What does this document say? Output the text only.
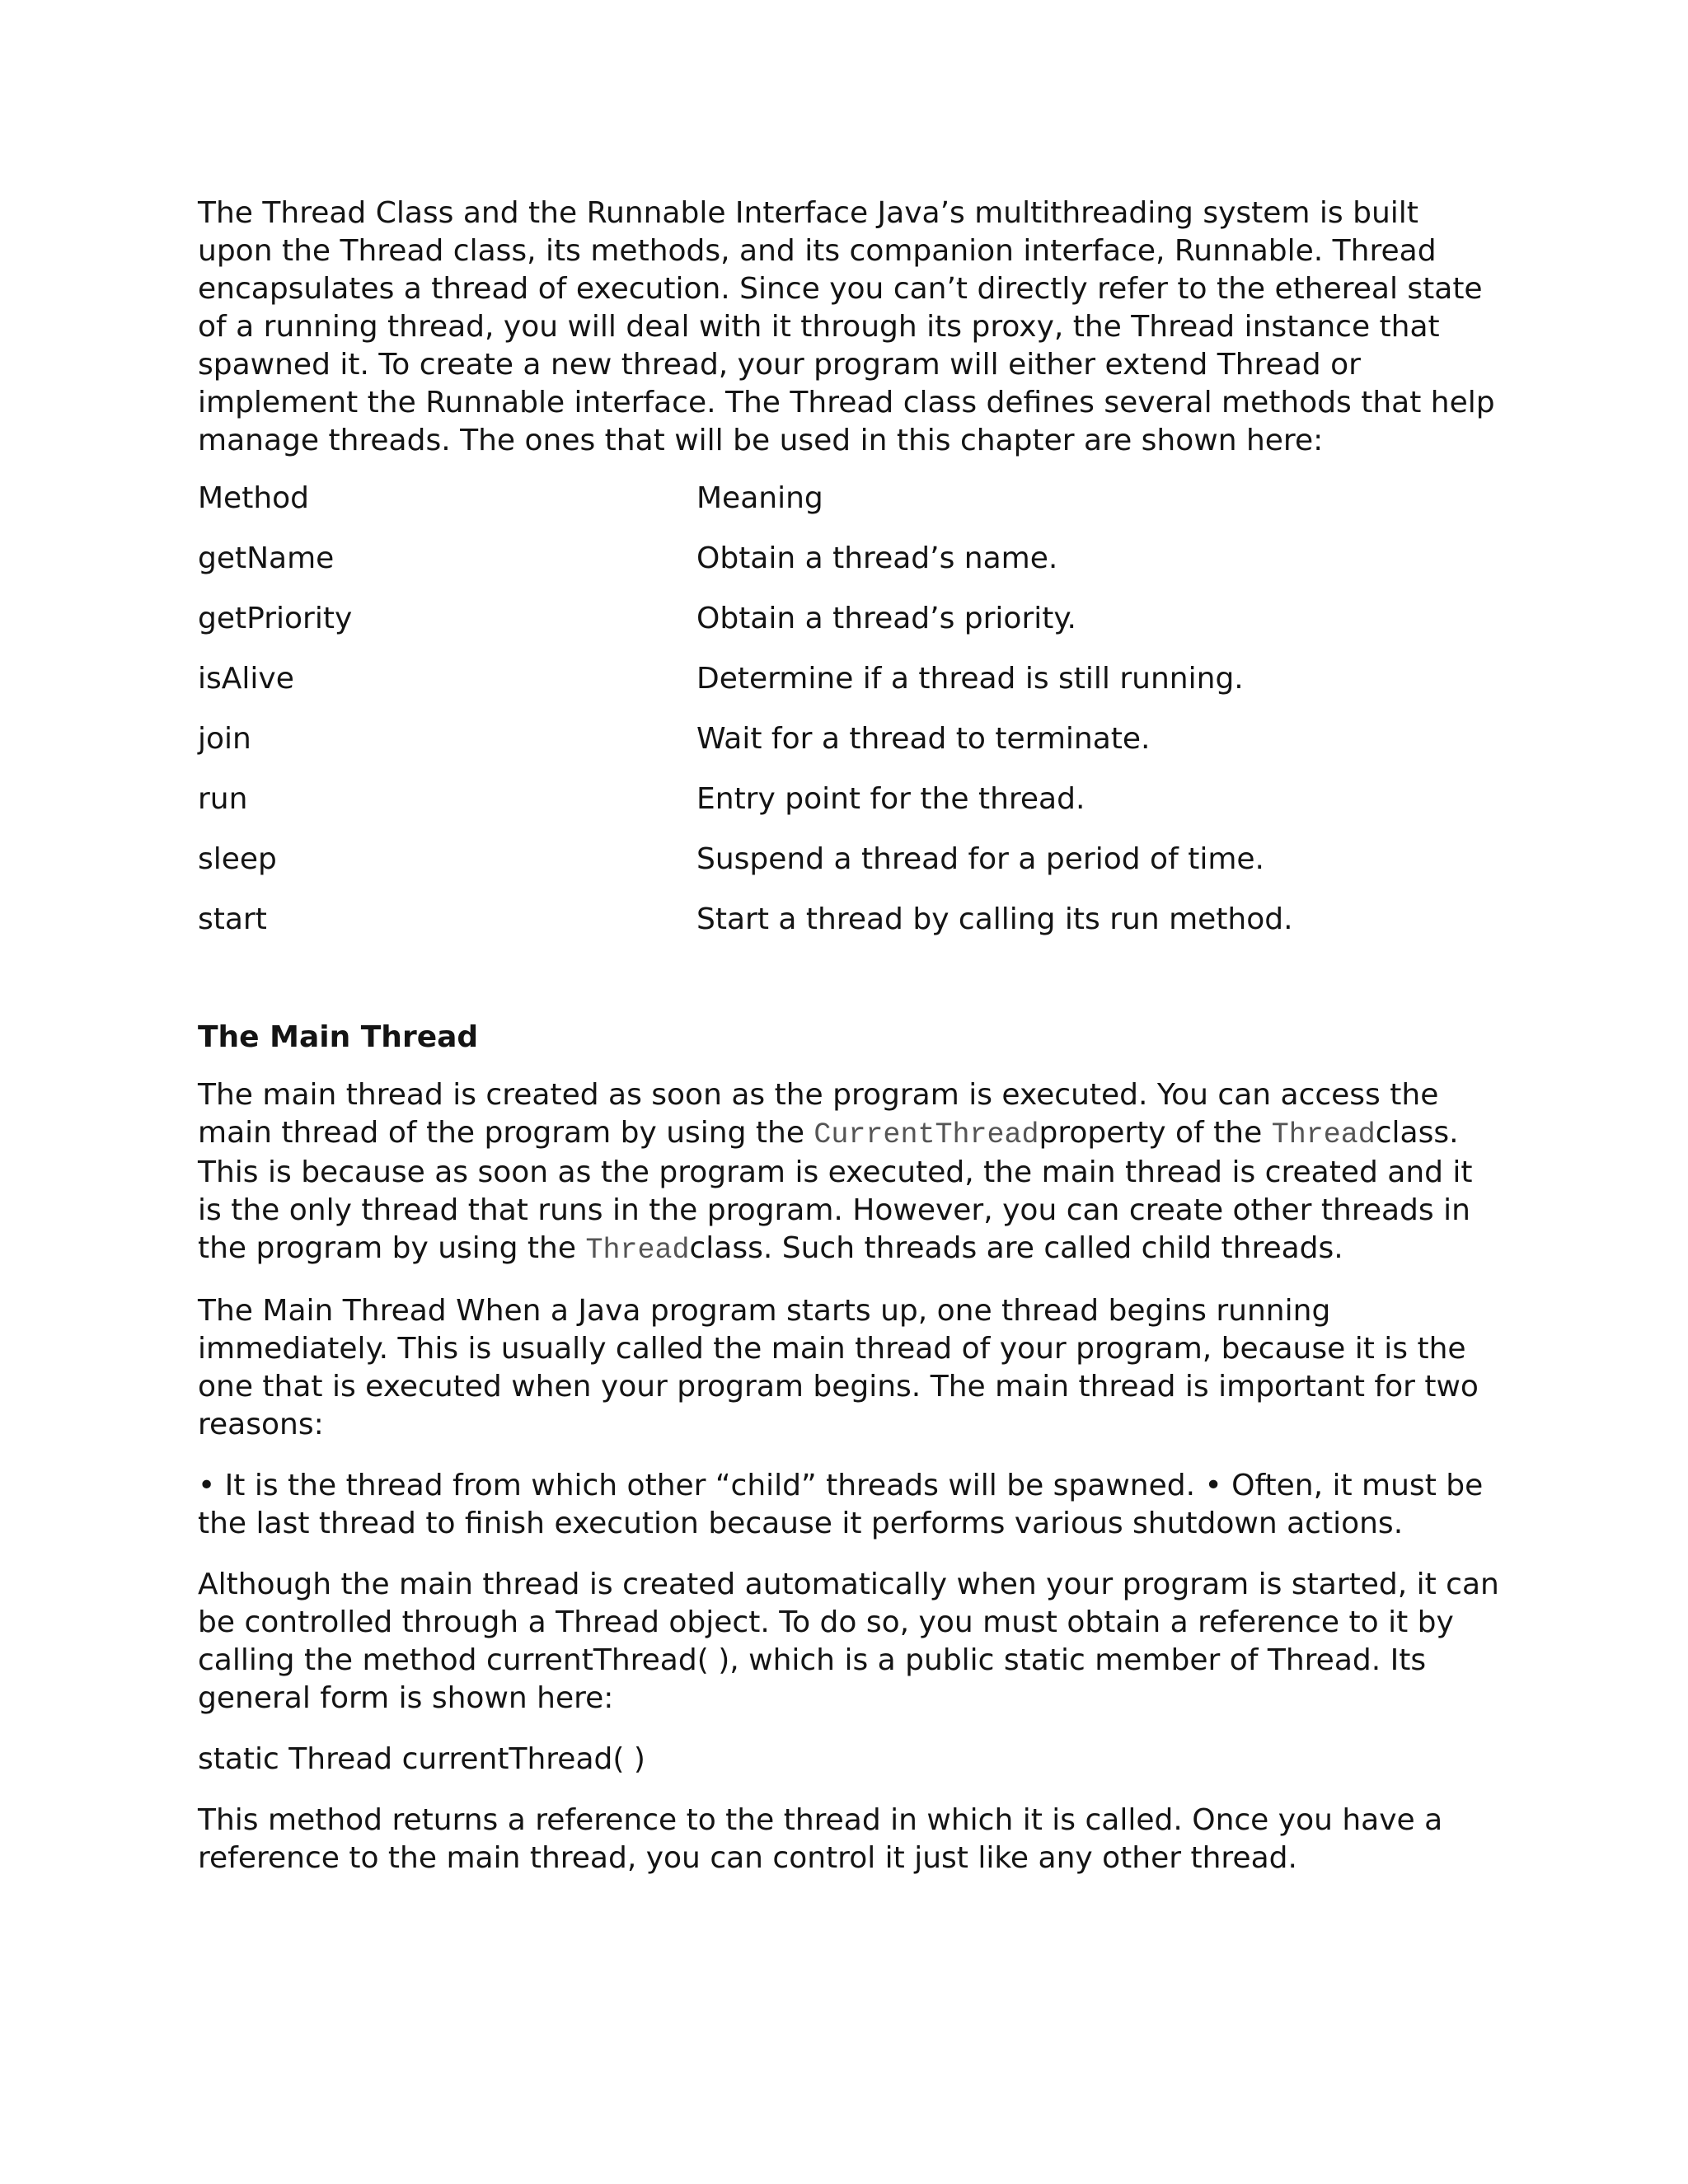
The Thread Class and the Runnable Interface Java’s multithreading system is built upon the Thread class, its methods, and its companion interface, Runnable. Thread encapsulates a thread of execution. Since you can’t directly refer to the ethereal state of a running thread, you will deal with it through its proxy, the Thread instance that spawned it. To create a new thread, your program will either extend Thread or implement the Runnable interface. The Thread class defines several methods that help manage threads. The ones that will be used in this chapter are shown here:

Method	Meaning
getName	Obtain a thread’s name.
getPriority	Obtain a thread’s priority.
isAlive	Determine if a thread is still running.
join	Wait for a thread to terminate.
run	Entry point for the thread.
sleep	Suspend a thread for a period of time.
start	Start a thread by calling its run method.

The Main Thread

The main thread is created as soon as the program is executed. You can access the main thread of the program by using the CurrentThreadproperty of the Threadclass. This is because as soon as the program is executed, the main thread is created and it is the only thread that runs in the program. However, you can create other threads in the program by using the Threadclass. Such threads are called child threads.

The Main Thread When a Java program starts up, one thread begins running immediately. This is usually called the main thread of your program, because it is the one that is executed when your program begins. The main thread is important for two reasons:

• It is the thread from which other “child” threads will be spawned. • Often, it must be the last thread to finish execution because it performs various shutdown actions.

Although the main thread is created automatically when your program is started, it can be controlled through a Thread object. To do so, you must obtain a reference to it by calling the method currentThread( ), which is a public static member of Thread. Its general form is shown here:

static Thread currentThread( )

This method returns a reference to the thread in which it is called. Once you have a reference to the main thread, you can control it just like any other thread.
